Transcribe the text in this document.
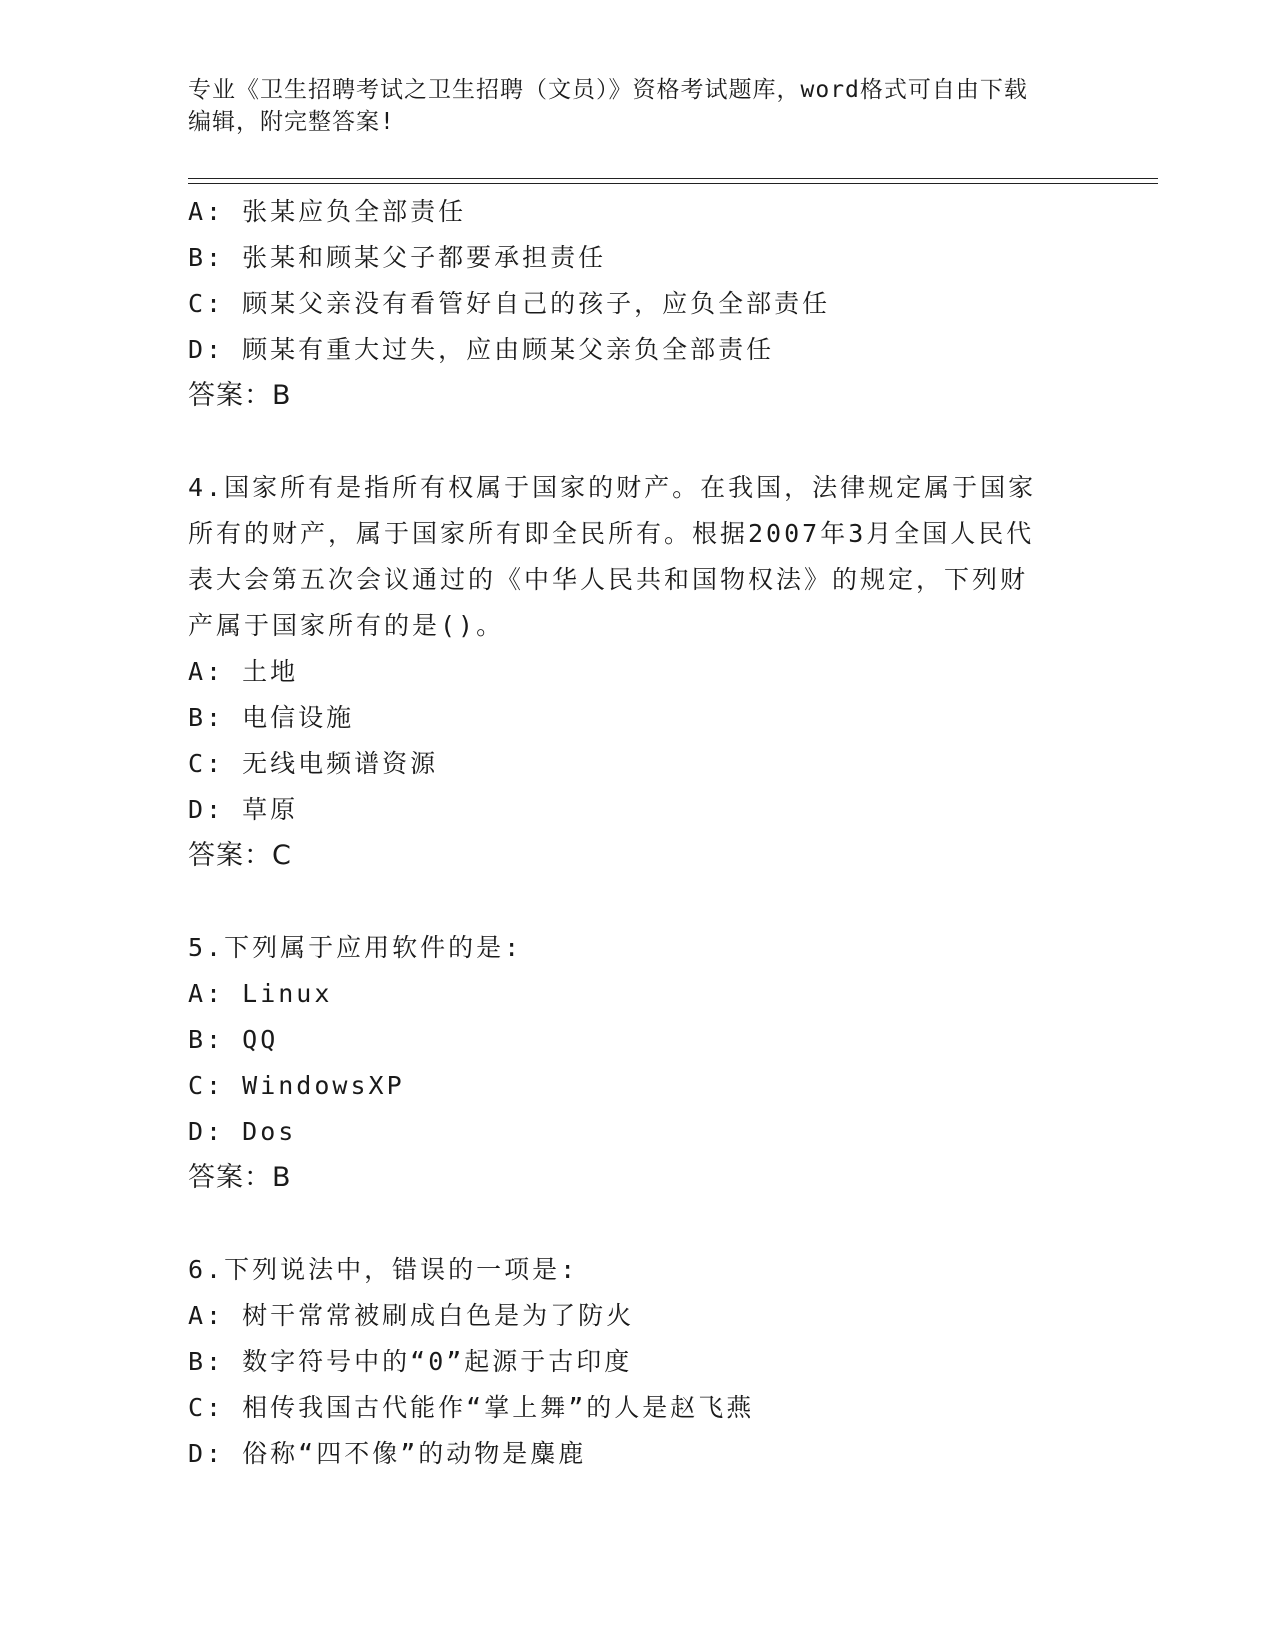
专业《卫生招聘考试之卫生招聘（文员）》资格考试题库，word格式可自由下载
编辑，附完整答案!
A: 张某应负全部责任
B: 张某和顾某父子都要承担责任
C: 顾某父亲没有看管好自己的孩子，应负全部责任
D: 顾某有重大过失，应由顾某父亲负全部责任
答案：B
4.国家所有是指所有权属于国家的财产。在我国，法律规定属于国家
所有的财产，属于国家所有即全民所有。根据2007年3月全国人民代
表大会第五次会议通过的《中华人民共和国物权法》的规定，下列财
产属于国家所有的是()。
A: 土地
B: 电信设施
C: 无线电频谱资源
D: 草原
答案：C
5.下列属于应用软件的是:
A: Linux
B: QQ
C: WindowsXP
D: Dos
答案：B
6.下列说法中，错误的一项是:
A: 树干常常被刷成白色是为了防火
B: 数字符号中的“0”起源于古印度
C: 相传我国古代能作“掌上舞”的人是赵飞燕
D: 俗称“四不像”的动物是麋鹿
